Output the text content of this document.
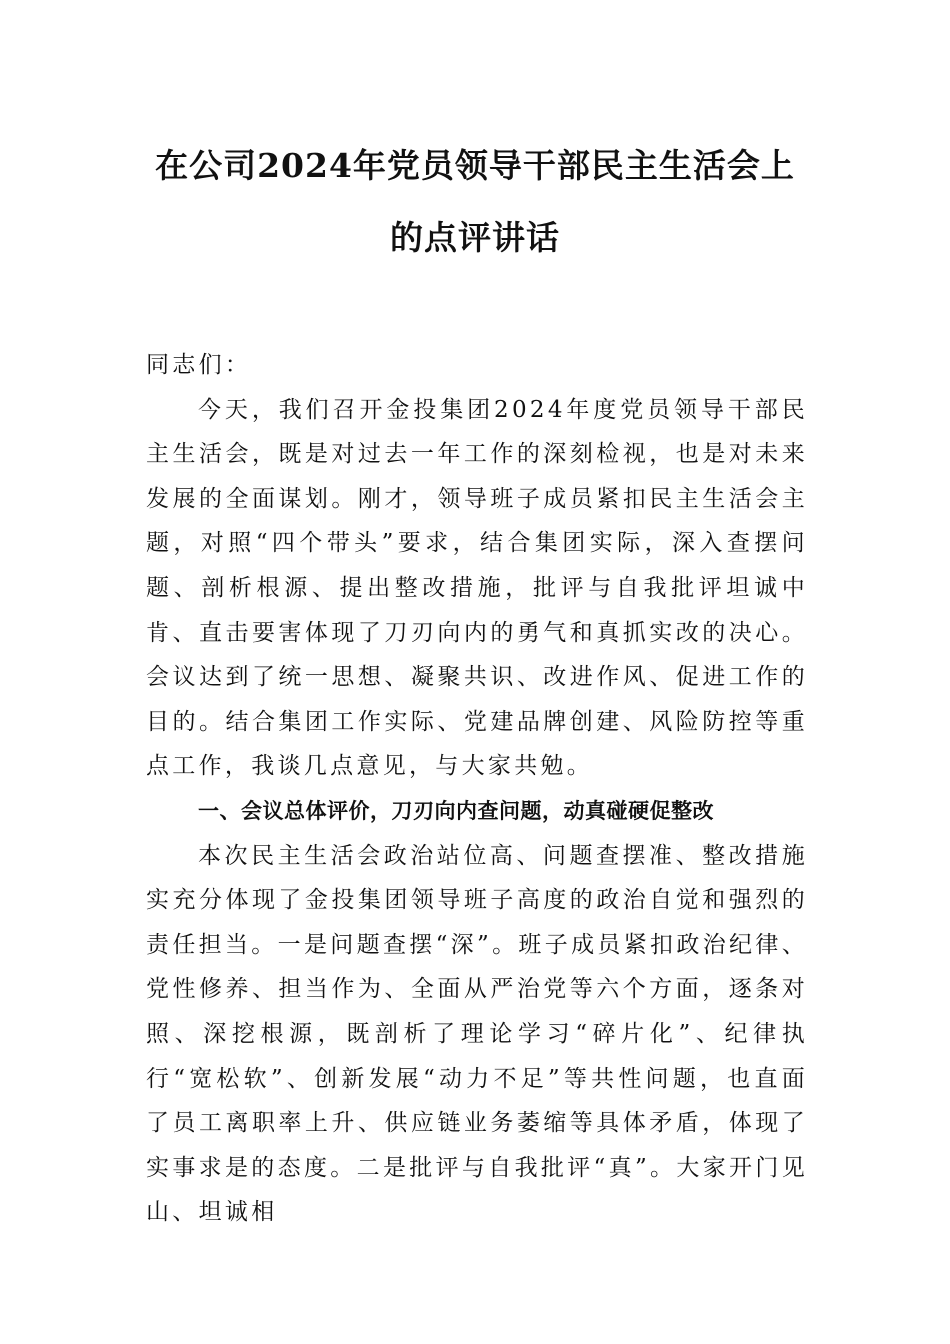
在公司2024年党员领导干部民主生活会上
的点评讲话

同志们：

今天，我们召开金投集团2024年度党员领导干部民主生活会，既是对过去一年工作的深刻检视，也是对未来发展的全面谋划。刚才，领导班子成员紧扣民主生活会主题，对照“四个带头”要求，结合集团实际，深入查摆问题、剖析根源、提出整改措施，批评与自我批评坦诚中肯、直击要害体现了刀刃向内的勇气和真抓实改的决心。会议达到了统一思想、凝聚共识、改进作风、促进工作的目的。结合集团工作实际、党建品牌创建、风险防控等重点工作，我谈几点意见，与大家共勉。

一、会议总体评价，刀刃向内查问题，动真碰硬促整改

本次民主生活会政治站位高、问题查摆准、整改措施实充分体现了金投集团领导班子高度的政治自觉和强烈的责任担当。一是问题查摆“深”。班子成员紧扣政治纪律、党性修养、担当作为、全面从严治党等六个方面，逐条对照、深挖根源，既剖析了理论学习“碎片化”、纪律执行“宽松软”、创新发展“动力不足”等共性问题，也直面了员工离职率上升、供应链业务萎缩等具体矛盾，体现了实事求是的态度。二是批评与自我批评“真”。大家开门见山、坦诚相
